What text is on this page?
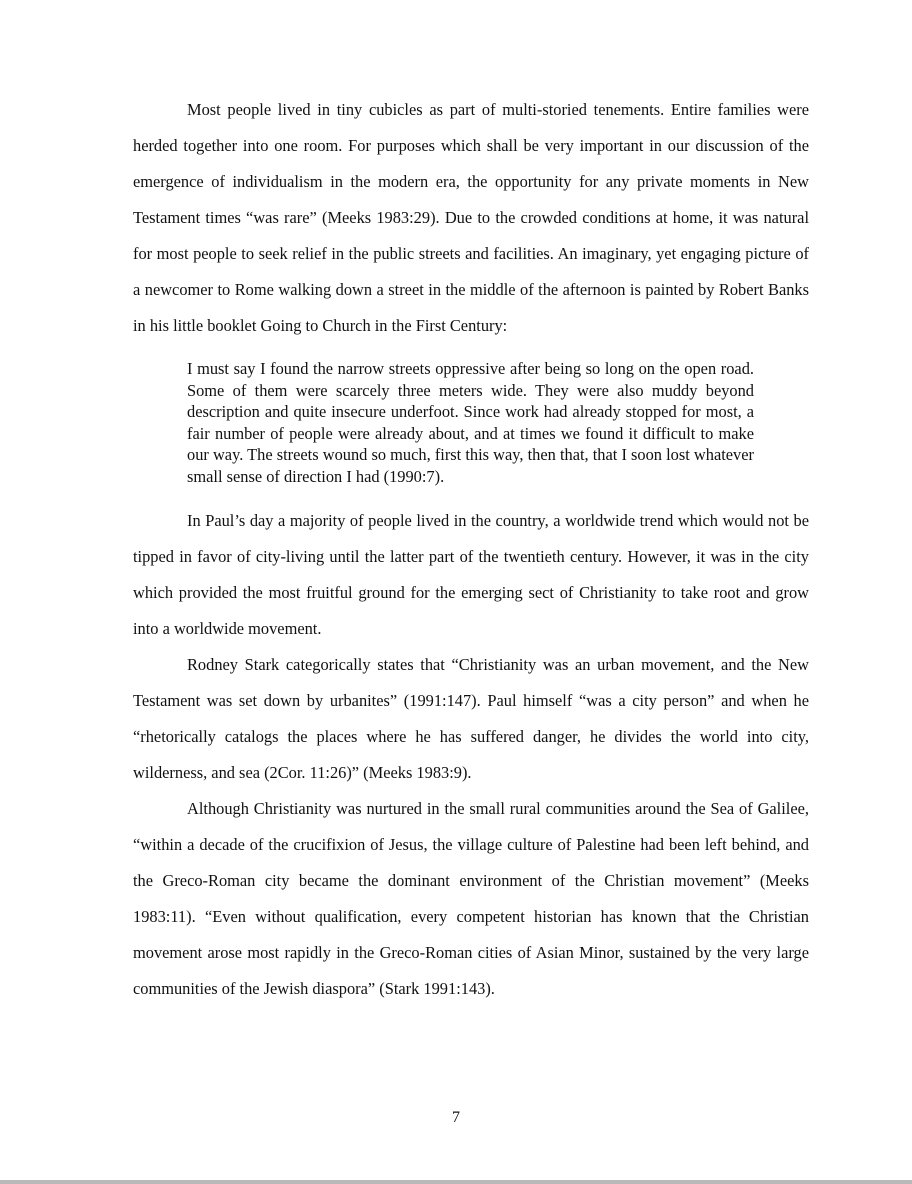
Most people lived in tiny cubicles as part of multi-storied tenements. Entire families were herded together into one room. For purposes which shall be very important in our discussion of the emergence of individualism in the modern era, the opportunity for any private moments in New Testament times “was rare” (Meeks 1983:29). Due to the crowded conditions at home, it was natural for most people to seek relief in the public streets and facilities. An imaginary, yet engaging picture of a newcomer to Rome walking down a street in the middle of the afternoon is painted by Robert Banks in his little booklet Going to Church in the First Century:

I must say I found the narrow streets oppressive after being so long on the open road. Some of them were scarcely three meters wide. They were also muddy beyond description and quite insecure underfoot. Since work had already stopped for most, a fair number of people were already about, and at times we found it difficult to make our way. The streets wound so much, first this way, then that, that I soon lost whatever small sense of direction I had (1990:7).

In Paul’s day a majority of people lived in the country, a worldwide trend which would not be tipped in favor of city-living until the latter part of the twentieth century. However, it was in the city which provided the most fruitful ground for the emerging sect of Christianity to take root and grow into a worldwide movement.

Rodney Stark categorically states that “Christianity was an urban movement, and the New Testament was set down by urbanites” (1991:147). Paul himself “was a city person” and when he “rhetorically catalogs the places where he has suffered danger, he divides the world into city, wilderness, and sea (2Cor. 11:26)” (Meeks 1983:9).

Although Christianity was nurtured in the small rural communities around the Sea of Galilee, “within a decade of the crucifixion of Jesus, the village culture of Palestine had been left behind, and the Greco-Roman city became the dominant environment of the Christian movement” (Meeks 1983:11). “Even without qualification, every competent historian has known that the Christian movement arose most rapidly in the Greco-Roman cities of Asian Minor, sustained by the very large communities of the Jewish diaspora” (Stark 1991:143).

7
